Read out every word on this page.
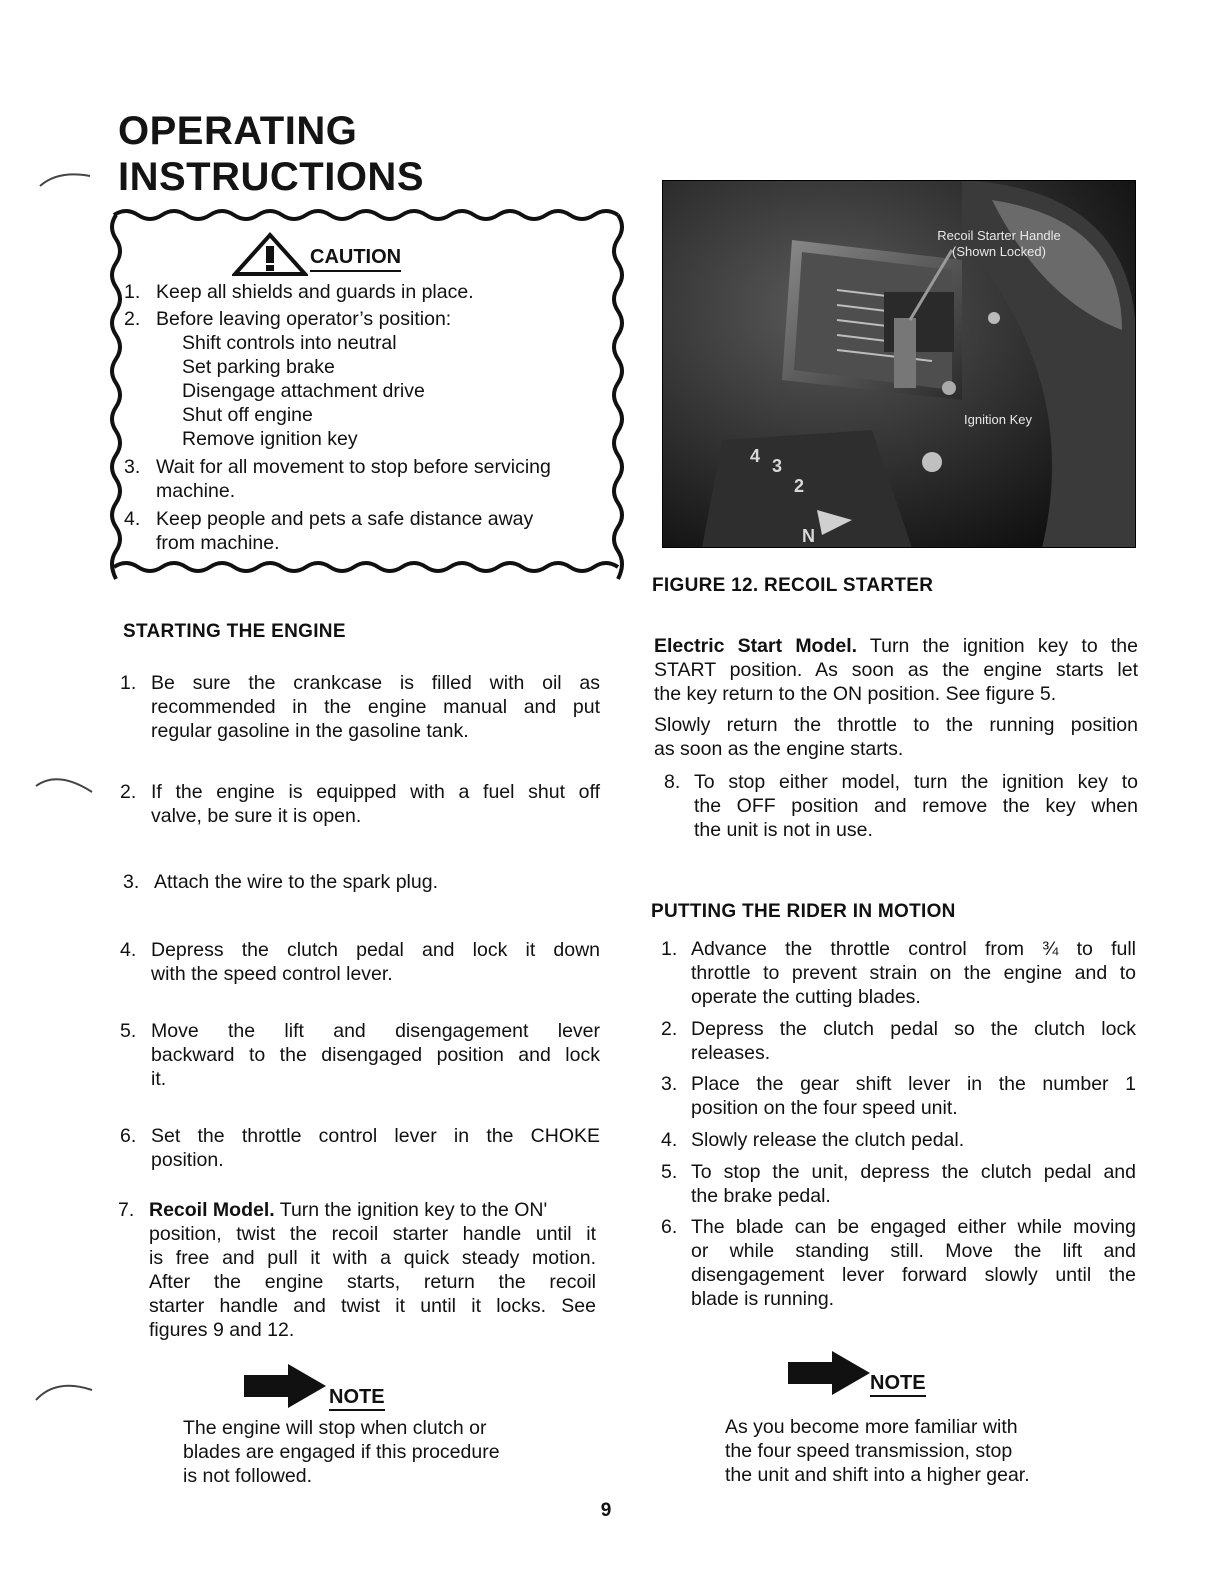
OPERATING
INSTRUCTIONS
CAUTION
1. Keep all shields and guards in place.
2. Before leaving operator’s position:
Shift controls into neutral
Set parking brake
Disengage attachment drive
Shut off engine
Remove ignition key
3. Wait for all movement to stop before servicing
machine.
4. Keep people and pets a safe distance away
from machine.
STARTING THE ENGINE
1. Be sure the crankcase is filled with oil as
recommended in the engine manual and put
regular gasoline in the gasoline tank.
2. If the engine is equipped with a fuel shut off
valve, be sure it is open.
3. Attach the wire to the spark plug.
4. Depress the clutch pedal and lock it down
with the speed control lever.
5. Move the lift and disengagement lever
backward to the disengaged position and lock
it.
6. Set the throttle control lever in the CHOKE
position.
7. Recoil Model. Turn the ignition key to the ON'
position, twist the recoil starter handle until it
is free and pull it with a quick steady motion.
After the engine starts, return the recoil
starter handle and twist it until it locks. See
figures 9 and 12.
NOTE
The engine will stop when clutch or
blades are engaged if this procedure
is not followed.
4 3
2
N
Recoil Starter Handle
(Shown Locked)
Ignition Key
FIGURE 12. RECOIL STARTER
Electric Start Model. Turn the ignition key to the
START position. As soon as the engine starts let
the key return to the ON position. See figure 5.
Slowly return the throttle to the running position
as soon as the engine starts.
8. To stop either model, turn the ignition key to
the OFF position and remove the key when
the unit is not in use.
PUTTING THE RIDER IN MOTION
1. Advance the throttle control from ¾ to full
throttle to prevent strain on the engine and to
operate the cutting blades.
2. Depress the clutch pedal so the clutch lock
releases.
3. Place the gear shift lever in the number 1
position on the four speed unit.
4. Slowly release the clutch pedal.
5. To stop the unit, depress the clutch pedal and
the brake pedal.
6. The blade can be engaged either while moving
or while standing still. Move the lift and
disengagement lever forward slowly until the
blade is running.
NOTE
As you become more familiar with
the four speed transmission, stop
the unit and shift into a higher gear.
9
